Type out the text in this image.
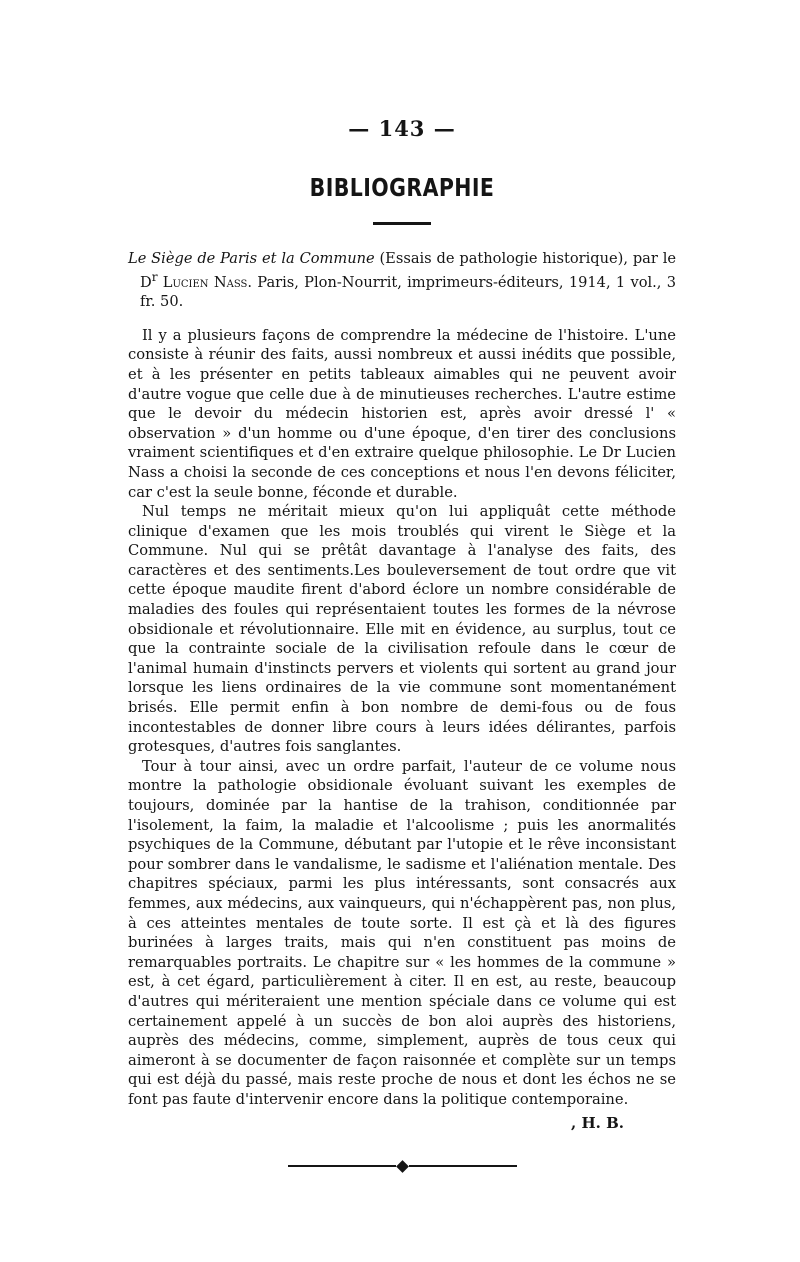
— 143 —
BIBLIOGRAPHIE

Le Siège de Paris et la Commune (Essais de pathologie historique), par le $D^r$ Lucien Nass. Paris, Plon-Nourrit, imprimeurs-éditeurs, 1914, 1 vol., 3 fr. 50.

Il y a plusieurs façons de comprendre la médecine de l'histoire. L'une consiste à réunir des faits, aussi nombreux et aussi inédits que possible, et à les présenter en petits tableaux aimables qui ne peuvent avoir d'autre vogue que celle due à de minutieuses recherches. L'autre estime que le devoir du médecin historien est, après avoir dressé l' « observation » d'un homme ou d'une époque, d'en tirer des conclusions vraiment scientifiques et d'en extraire quelque philosophie. Le Dr Lucien Nass a choisi la seconde de ces conceptions et nous l'en devons féliciter, car c'est la seule bonne, féconde et durable.

Nul temps ne méritait mieux qu'on lui appliquât cette méthode clinique d'examen que les mois troublés qui virent le Siège et la Commune. Nul qui se prêtât davantage à l'analyse des faits, des caractères et des sentiments.Les bouleversement de tout ordre que vit cette époque maudite firent d'abord éclore un nombre considérable de maladies des foules qui représentaient toutes les formes de la névrose obsidionale et révolutionnaire. Elle mit en évidence, au surplus, tout ce que la contrainte sociale de la civilisation refoule dans le cœur de l'animal humain d'instincts pervers et violents qui sortent au grand jour lorsque les liens ordinaires de la vie commune sont momentanément brisés. Elle permit enfin à bon nombre de demi-fous ou de fous incontestables de donner libre cours à leurs idées délirantes, parfois grotesques, d'autres fois sanglantes.

Tour à tour ainsi, avec un ordre parfait, l'auteur de ce volume nous montre la pathologie obsidionale évoluant suivant les exemples de toujours, dominée par la hantise de la trahison, conditionnée par l'isolement, la faim, la maladie et l'alcoolisme ; puis les anormalités psychiques de la Commune, débutant par l'utopie et le rêve inconsistant pour sombrer dans le vandalisme, le sadisme et l'aliénation mentale. Des chapitres spéciaux, parmi les plus intéressants, sont consacrés aux femmes, aux médecins, aux vainqueurs, qui n'échappèrent pas, non plus, à ces atteintes mentales de toute sorte. Il est çà et là des figures burinées à larges traits, mais qui n'en constituent pas moins de remarquables portraits. Le chapitre sur « les hommes de la commune » est, à cet égard, particulièrement à citer. Il en est, au reste, beaucoup d'autres qui mériteraient une mention spéciale dans ce volume qui est certainement appelé à un succès de bon aloi auprès des historiens, auprès des médecins, comme, simplement, auprès de tous ceux qui aimeront à se documenter de façon raisonnée et complète sur un temps qui est déjà du passé, mais reste proche de nous et dont les échos ne se font pas faute d'intervenir encore dans la politique contemporaine.

, H. B.
